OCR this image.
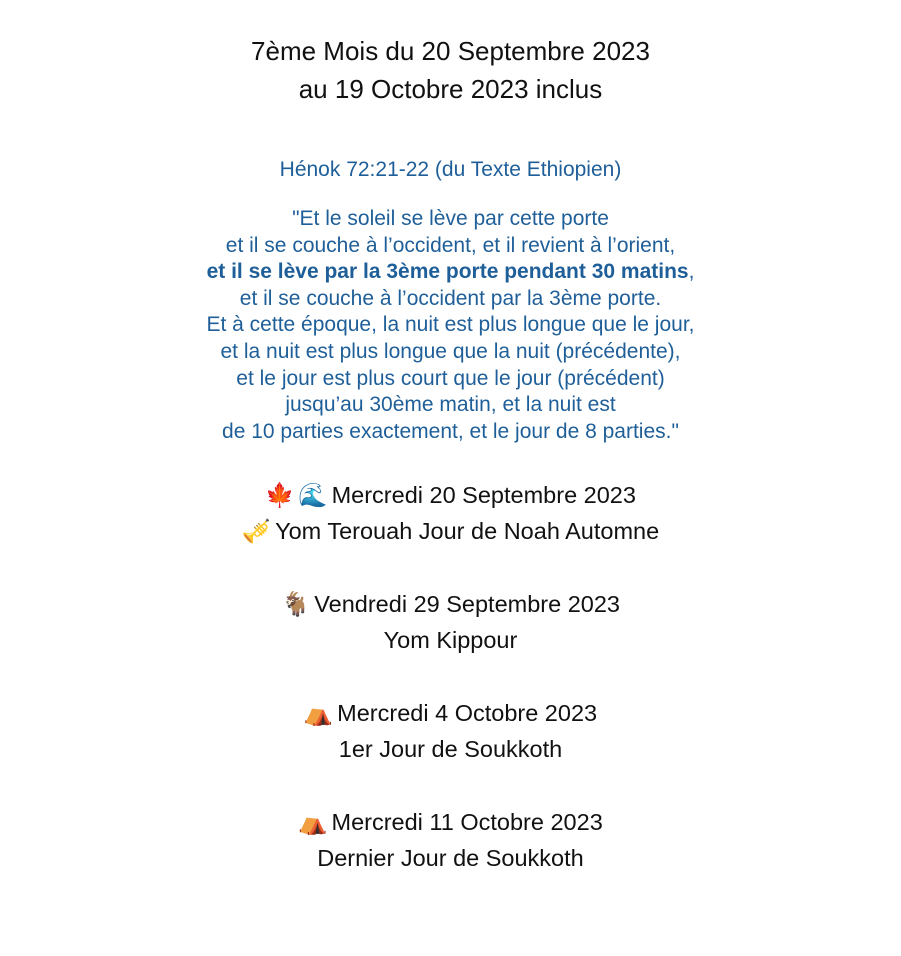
7ème Mois du 20 Septembre 2023
au 19 Octobre 2023 inclus
Hénok 72:21-22 (du Texte Ethiopien)
"Et le soleil se lève par cette porte
et il se couche à l’occident, et il revient à l’orient,
et il se lève par la 3ème porte pendant 30 matins,
et il se couche à l’occident par la 3ème porte.
Et à cette époque, la nuit est plus longue que le jour,
et la nuit est plus longue que la nuit (précédente),
et le jour est plus court que le jour (précédent)
jusqu’au 30ème matin, et la nuit est
de 10 parties exactement, et le jour de 8 parties."
🍁 🌊 Mercredi 20 Septembre 2023
🎺 Yom Terouah Jour de Noah Automne
🐐 Vendredi 29 Septembre 2023
Yom Kippour
⛺ Mercredi 4 Octobre 2023
1er Jour de Soukkoth
⛺ Mercredi 11 Octobre 2023
Dernier Jour de Soukkoth
